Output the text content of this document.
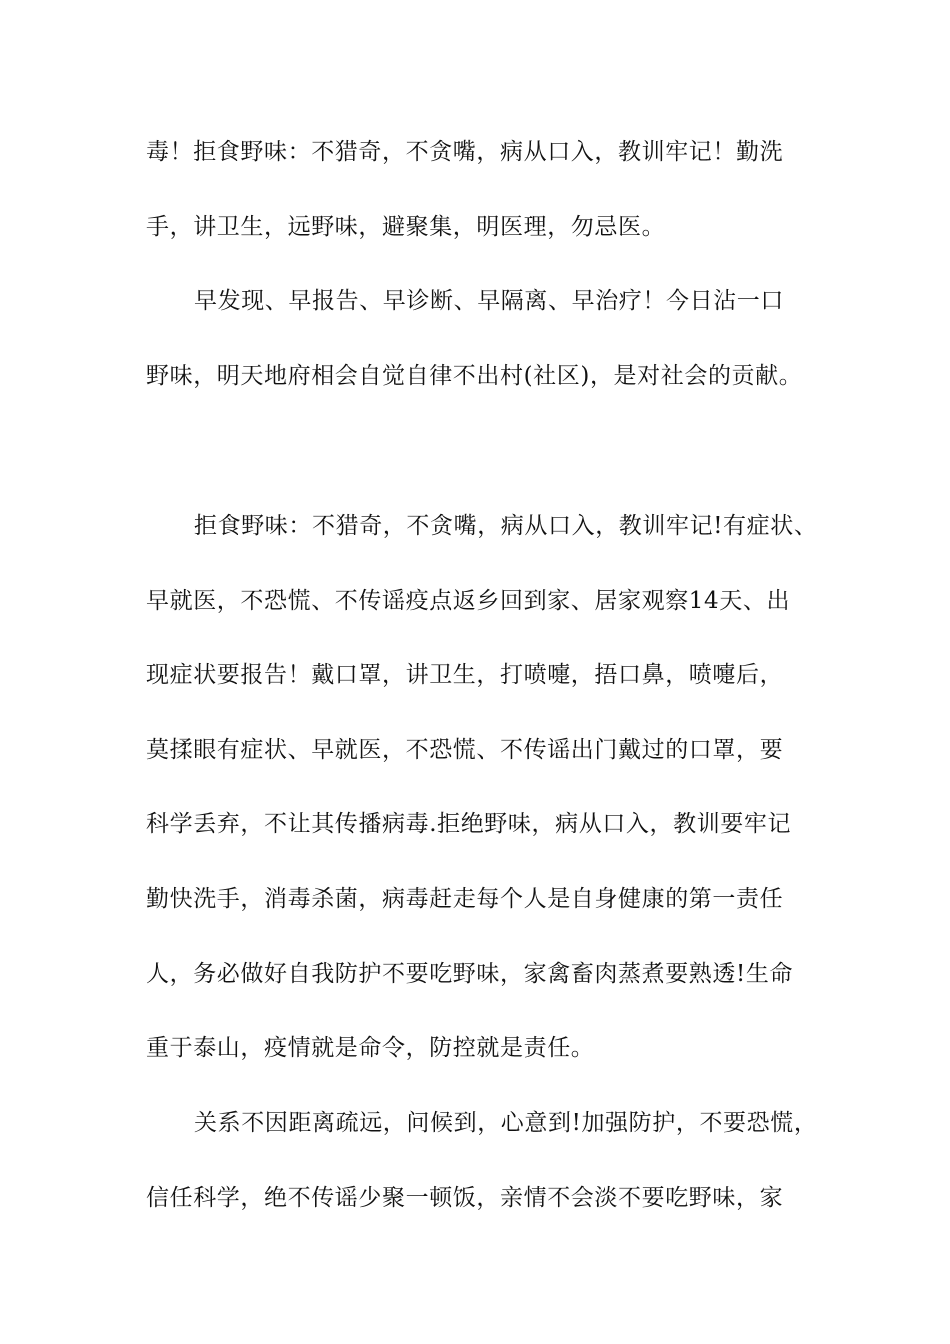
毒！拒食野味：不猎奇，不贪嘴，病从口入，教训牢记！勤洗
手，讲卫生，远野味，避聚集，明医理，勿忌医。
早发现、早报告、早诊断、早隔离、早治疗！今日沾一口
野味，明天地府相会自觉自律不出村(社区)，是对社会的贡献。
拒食野味：不猎奇，不贪嘴，病从口入，教训牢记!有症状、
早就医，不恐慌、不传谣疫点返乡回到家、居家观察14天、出
现症状要报告！戴口罩，讲卫生，打喷嚏，捂口鼻，喷嚏后，
莫揉眼有症状、早就医，不恐慌、不传谣出门戴过的口罩，要
科学丢弃，不让其传播病毒.拒绝野味，病从口入，教训要牢记
勤快洗手，消毒杀菌，病毒赶走每个人是自身健康的第一责任
人，务必做好自我防护不要吃野味，家禽畜肉蒸煮要熟透!生命
重于泰山，疫情就是命令，防控就是责任。
关系不因距离疏远，问候到，心意到!加强防护，不要恐慌，
信任科学，绝不传谣少聚一顿饭，亲情不会淡不要吃野味，家
